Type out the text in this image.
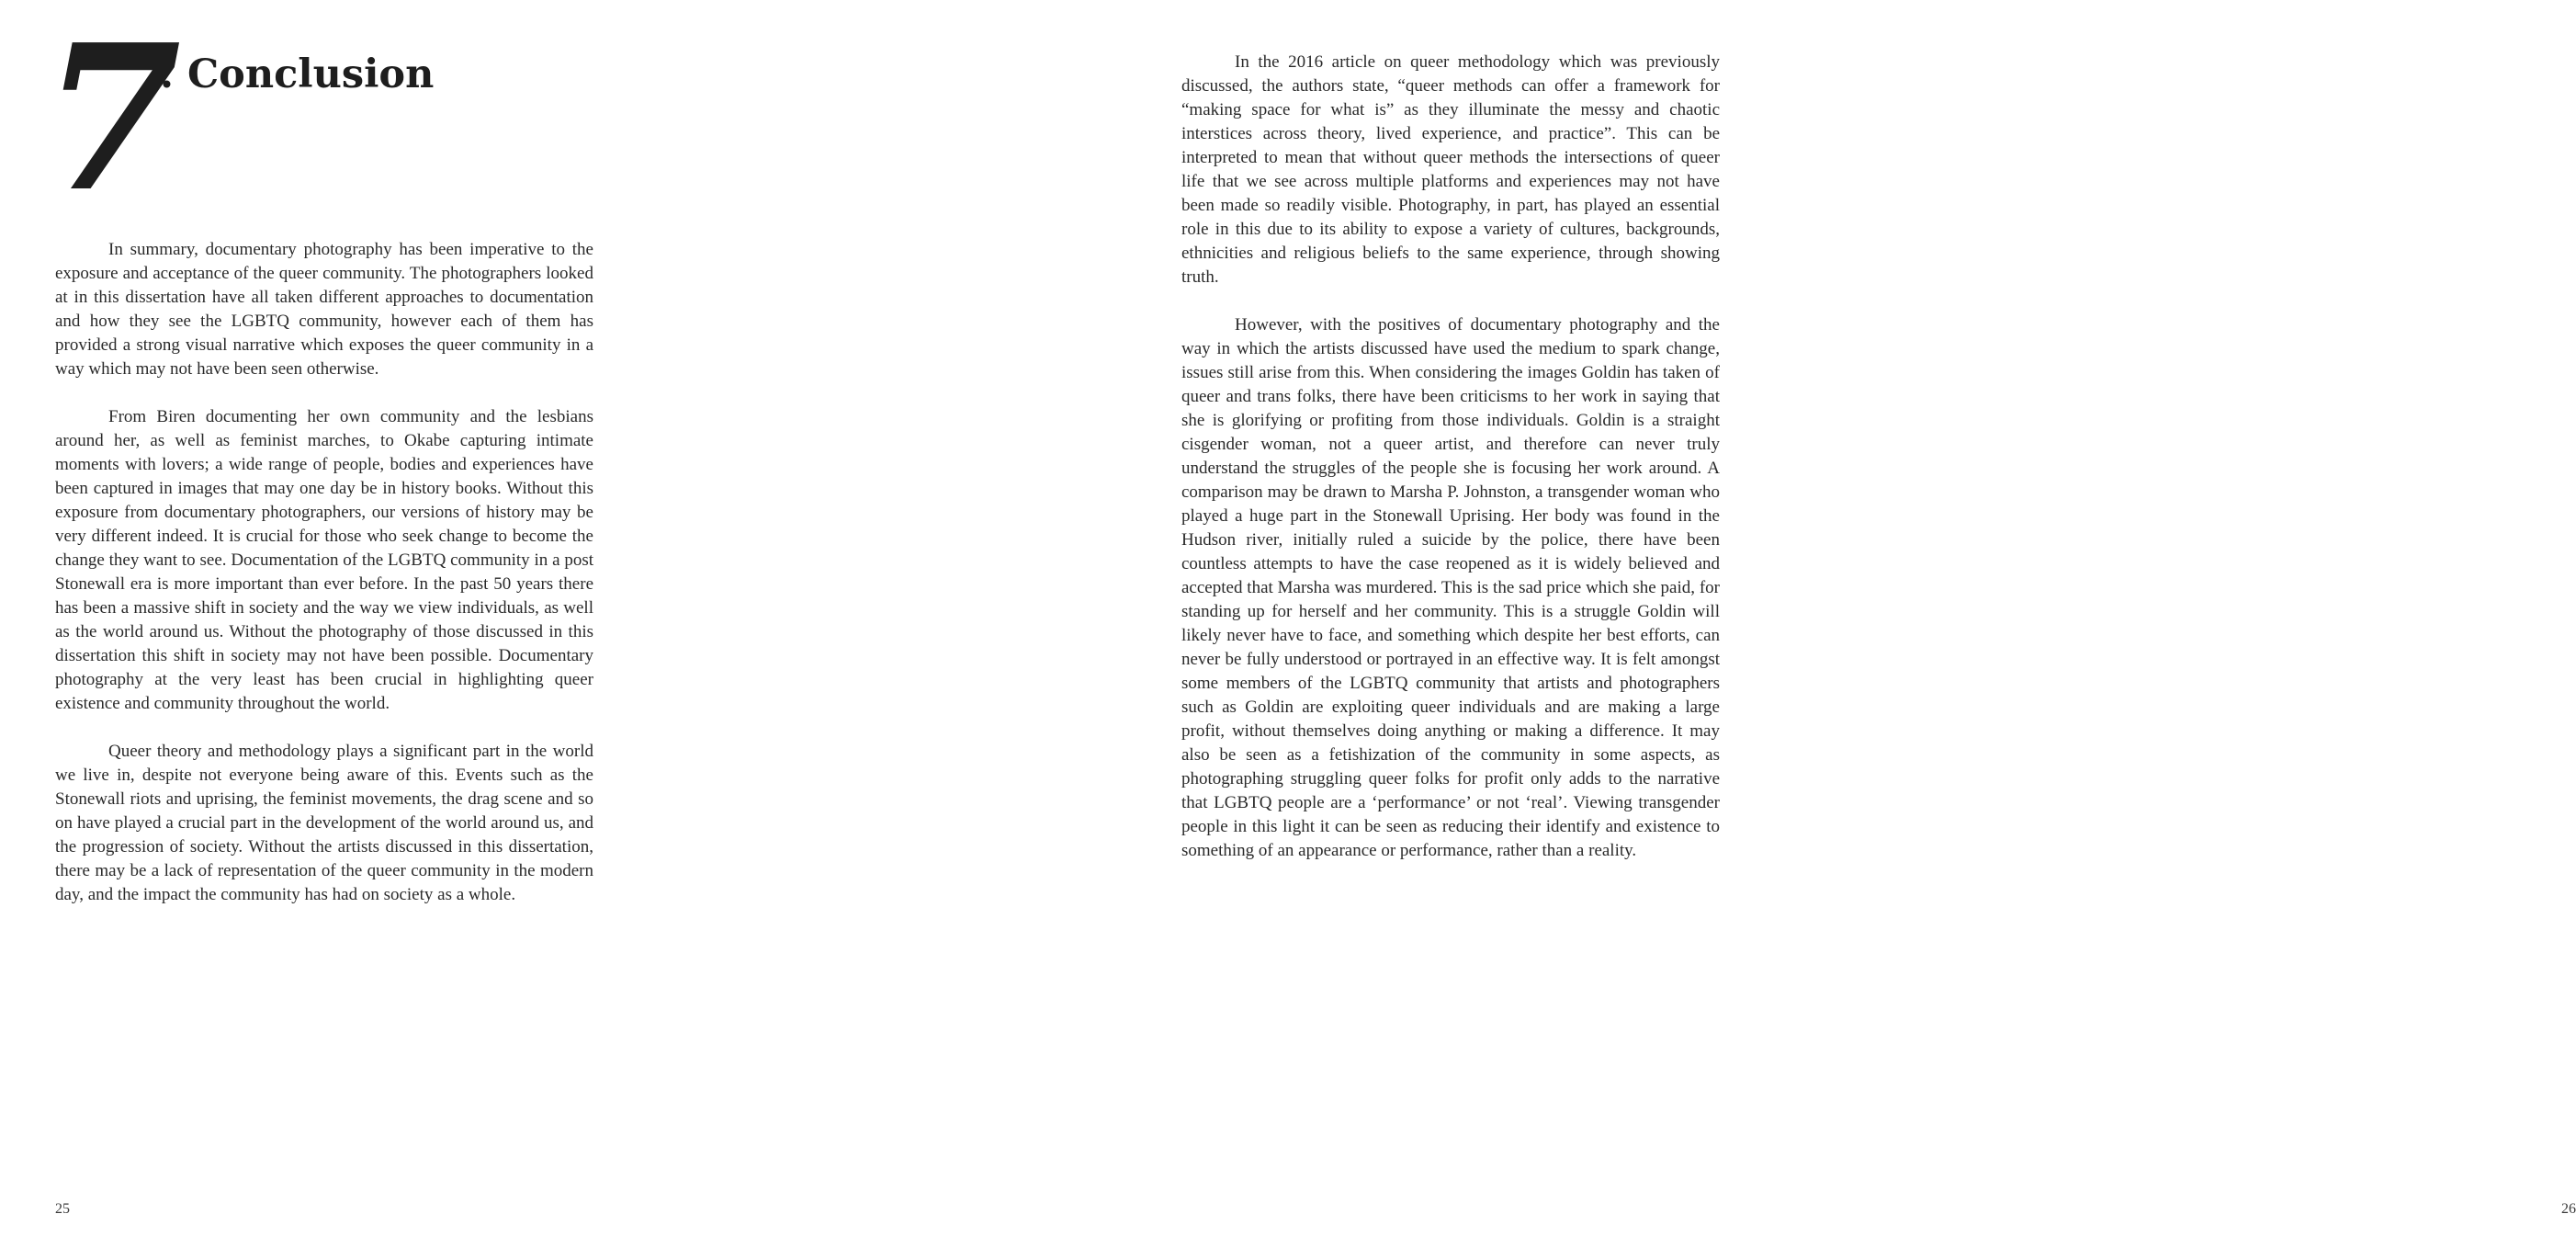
7
. Conclusion

In summary, documentary photography has been imperative to the exposure and acceptance of the queer community. The photographers looked at in this dissertation have all taken different approaches to documentation and how they see the LGBTQ community, however each of them has provided a strong visual narrative which exposes the queer community in a way which may not have been seen otherwise.

From Biren documenting her own community and the lesbians around her, as well as feminist marches, to Okabe capturing intimate moments with lovers; a wide range of people, bodies and experiences have been captured in images that may one day be in history books. Without this exposure from documentary photographers, our versions of history may be very different indeed. It is crucial for those who seek change to become the change they want to see. Documentation of the LGBTQ community in a post Stonewall era is more important than ever before. In the past 50 years there has been a massive shift in society and the way we view individuals, as well as the world around us. Without the photography of those discussed in this dissertation this shift in society may not have been possible. Documentary photography at the very least has been crucial in highlighting queer existence and community throughout the world.

Queer theory and methodology plays a significant part in the world we live in, despite not everyone being aware of this. Events such as the Stonewall riots and uprising, the feminist movements, the drag scene and so on have played a crucial part in the development of the world around us, and the progression of society. Without the artists discussed in this dissertation, there may be a lack of representation of the queer community in the modern day, and the impact the community has had on society as a whole.

25	26

In the 2016 article on queer methodology which was previously discussed, the authors state, “queer methods can offer a framework for “making space for what is” as they illuminate the messy and chaotic interstices across theory, lived experience, and practice”. This can be interpreted to mean that without queer methods the intersections of queer life that we see across multiple platforms and experiences may not have been made so readily visible. Photography, in part, has played an essential role in this due to its ability to expose a variety of cultures, backgrounds, ethnicities and religious beliefs to the same experience, through showing truth.

However, with the positives of documentary photography and the way in which the artists discussed have used the medium to spark change, issues still arise from this. When considering the images Goldin has taken of queer and trans folks, there have been criticisms to her work in saying that she is glorifying or profiting from those individuals. Goldin is a straight cisgender woman, not a queer artist, and therefore can never truly understand the struggles of the people she is focusing her work around. A comparison may be drawn to Marsha P. Johnston, a transgender woman who played a huge part in the Stonewall Uprising. Her body was found in the Hudson river, initially ruled a suicide by the police, there have been countless attempts to have the case reopened as it is widely believed and accepted that Marsha was murdered. This is the sad price which she paid, for standing up for herself and her community. This is a struggle Goldin will likely never have to face, and something which despite her best efforts, can never be fully understood or portrayed in an effective way. It is felt amongst some members of the LGBTQ community that artists and photographers such as Goldin are exploiting queer individuals and are making a large profit, without themselves doing anything or making a difference. It may also be seen as a fetishization of the community in some aspects, as photographing struggling queer folks for profit only adds to the narrative that LGBTQ people are a ‘performance’ or not ‘real’. Viewing transgender people in this light it can be seen as reducing their identify and existence to something of an appearance or performance, rather than a reality.
